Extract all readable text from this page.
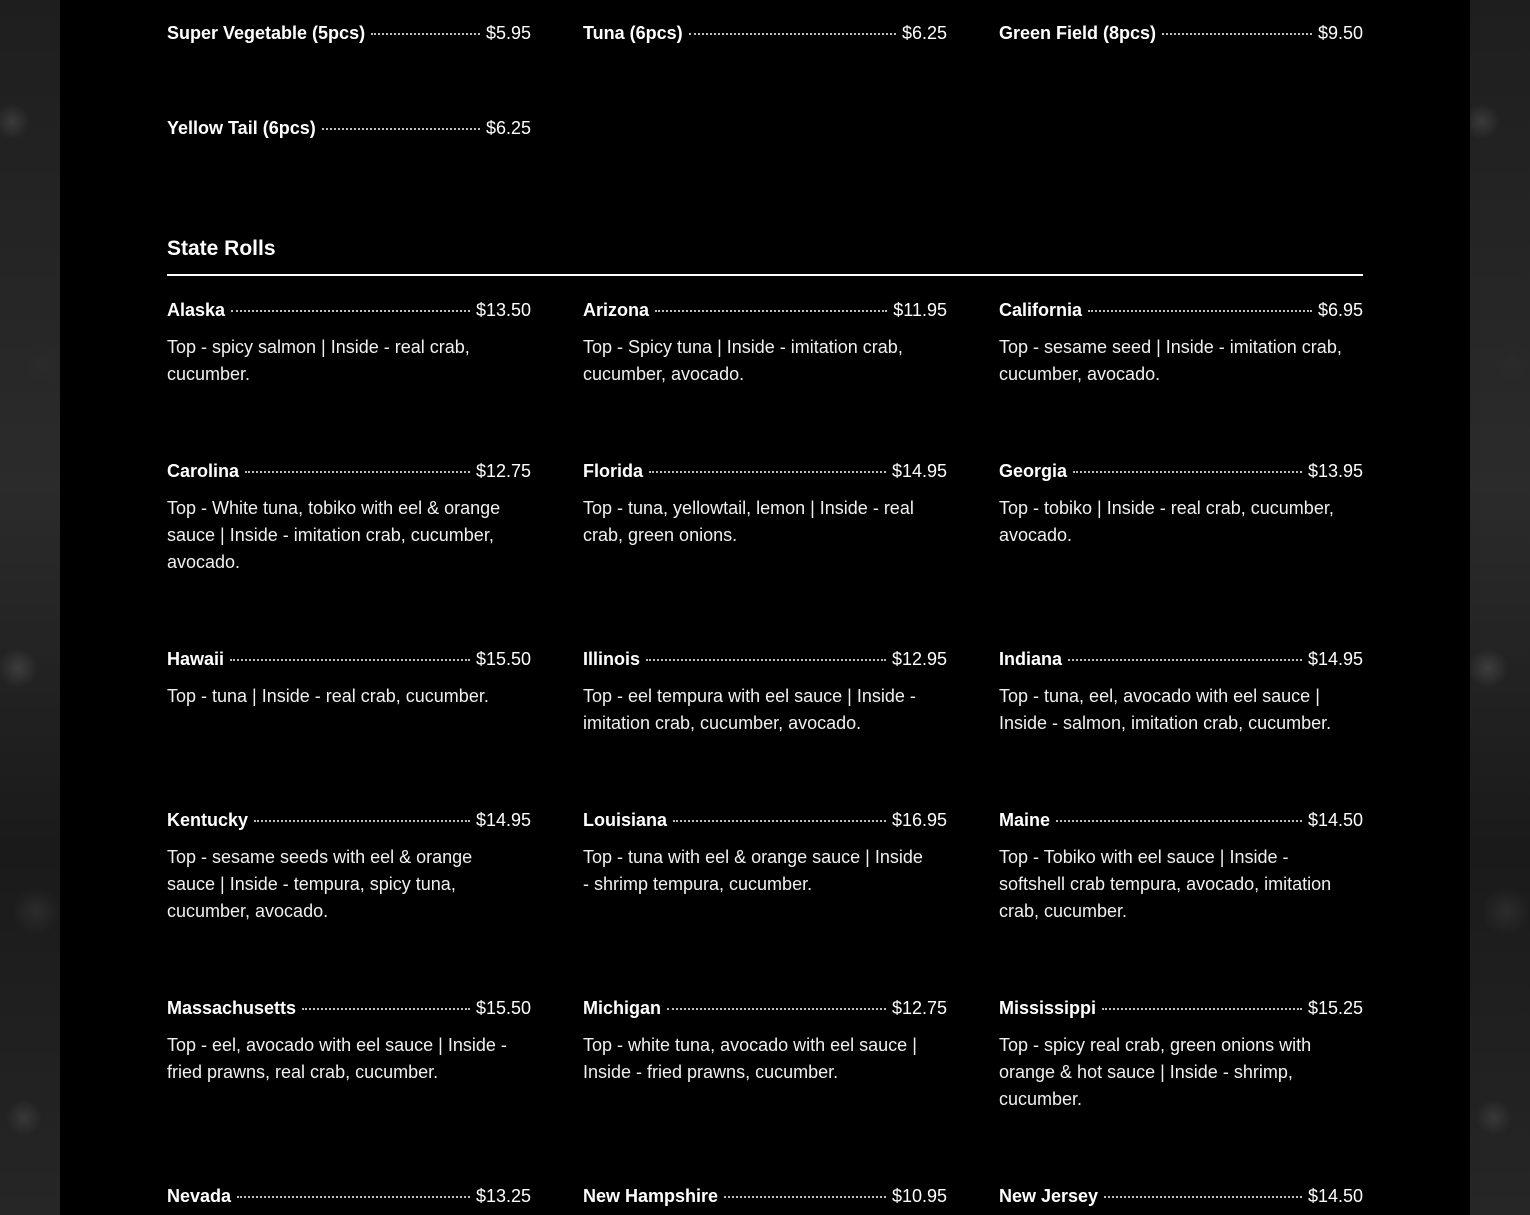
Super Vegetable (5pcs)	$5.95	Tuna (6pcs)	$6.25	Green Field (8pcs)	$9.50
Yellow Tail (6pcs)	$6.25
State Rolls
Alaska	$13.50

Top - spicy salmon | Inside - real crab, cucumber.

Arizona	$11.95

Top - Spicy tuna | Inside - imitation crab, cucumber, avocado.

California	$6.95

Top - sesame seed | Inside - imitation crab, cucumber, avocado.

Carolina	$12.75

Top - White tuna, tobiko with eel & orange sauce | Inside - imitation crab, cucumber, avocado.

Florida	$14.95

Top - tuna, yellowtail, lemon | Inside - real crab, green onions.

Georgia	$13.95

Top - tobiko | Inside - real crab, cucumber, avocado.

Hawaii	$15.50

Top - tuna | Inside - real crab, cucumber.

Illinois	$12.95

Top - eel tempura with eel sauce | Inside - imitation crab, cucumber, avocado.

Indiana	$14.95

Top - tuna, eel, avocado with eel sauce | Inside - salmon, imitation crab, cucumber.

Kentucky	$14.95

Top - sesame seeds with eel & orange sauce | Inside - tempura, spicy tuna, cucumber, avocado.

Louisiana	$16.95

Top - tuna with eel & orange sauce | Inside - shrimp tempura, cucumber.

Maine	$14.50

Top - Tobiko with eel sauce | Inside - softshell crab tempura, avocado, imitation crab, cucumber.

Massachusetts	$15.50

Top - eel, avocado with eel sauce | Inside - fried prawns, real crab, cucumber.

Michigan	$12.75

Top - white tuna, avocado with eel sauce | Inside - fried prawns, cucumber.

Mississippi	$15.25

Top - spicy real crab, green onions with orange & hot sauce | Inside - shrimp, cucumber.

Nevada	$13.25	New Hampshire	$10.95	New Jersey	$14.50
